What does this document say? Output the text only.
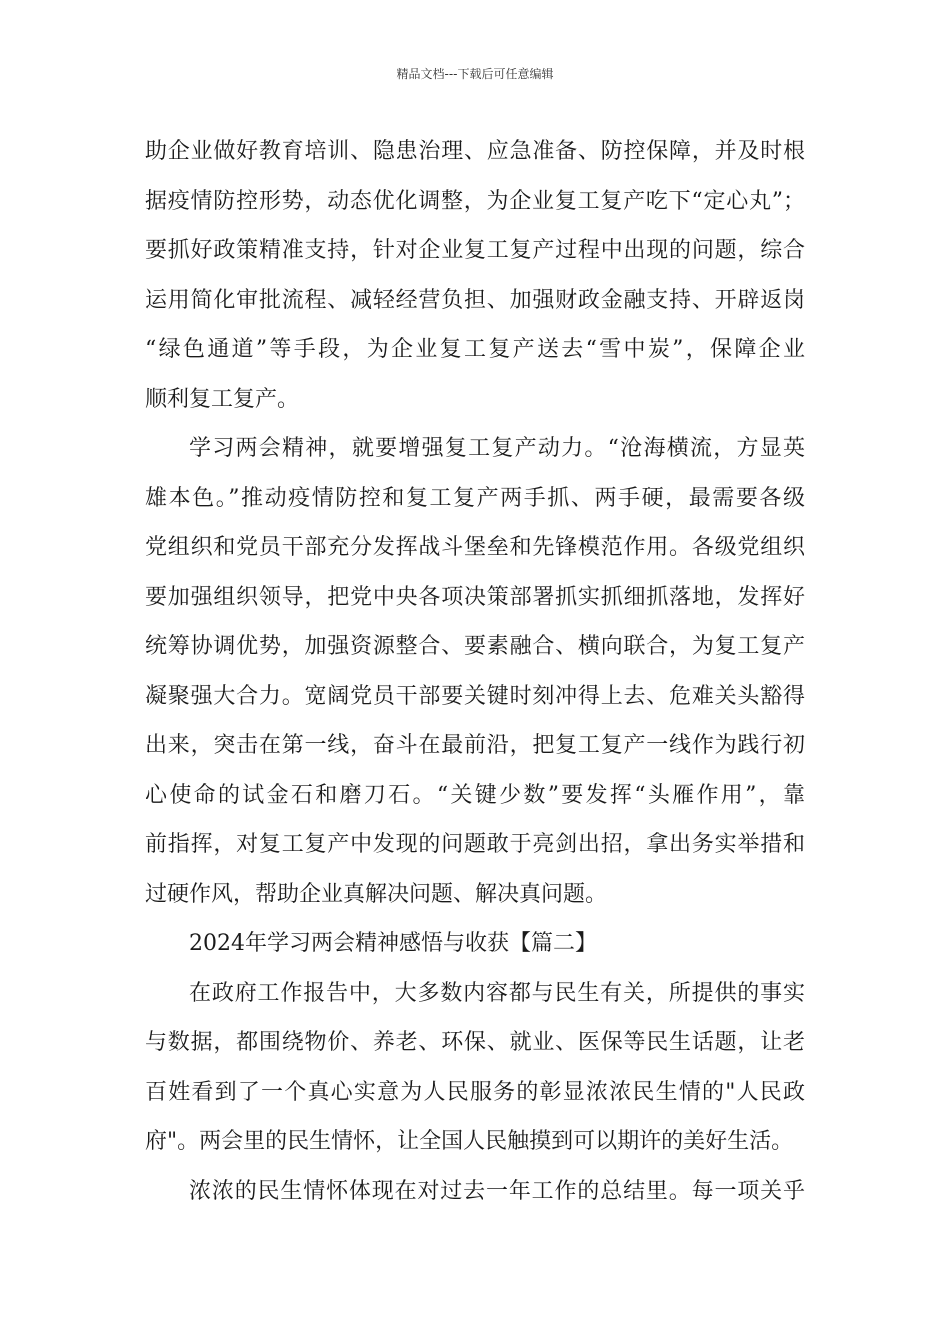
精品文档---下载后可任意编辑
助企业做好教育培训、隐患治理、应急准备、防控保障，并及时根
据疫情防控形势，动态优化调整，为企业复工复产吃下“定心丸”；
要抓好政策精准支持，针对企业复工复产过程中出现的问题，综合
运用简化审批流程、减轻经营负担、加强财政金融支持、开辟返岗
“绿色通道”等手段，为企业复工复产送去“雪中炭”，保障企业
顺利复工复产。
学习两会精神，就要增强复工复产动力。“沧海横流，方显英
雄本色。”推动疫情防控和复工复产两手抓、两手硬，最需要各级
党组织和党员干部充分发挥战斗堡垒和先锋模范作用。各级党组织
要加强组织领导，把党中央各项决策部署抓实抓细抓落地，发挥好
统筹协调优势，加强资源整合、要素融合、横向联合，为复工复产
凝聚强大合力。宽阔党员干部要关键时刻冲得上去、危难关头豁得
出来，突击在第一线，奋斗在最前沿，把复工复产一线作为践行初
心使命的试金石和磨刀石。“关键少数”要发挥“头雁作用”，靠
前指挥，对复工复产中发现的问题敢于亮剑出招，拿出务实举措和
过硬作风，帮助企业真解决问题、解决真问题。
2024年学习两会精神感悟与收获【篇二】
在政府工作报告中，大多数内容都与民生有关，所提供的事实
与数据，都围绕物价、养老、环保、就业、医保等民生话题，让老
百姓看到了一个真心实意为人民服务的彰显浓浓民生情的"人民政
府"。两会里的民生情怀，让全国人民触摸到可以期许的美好生活。
浓浓的民生情怀体现在对过去一年工作的总结里。每一项关乎
